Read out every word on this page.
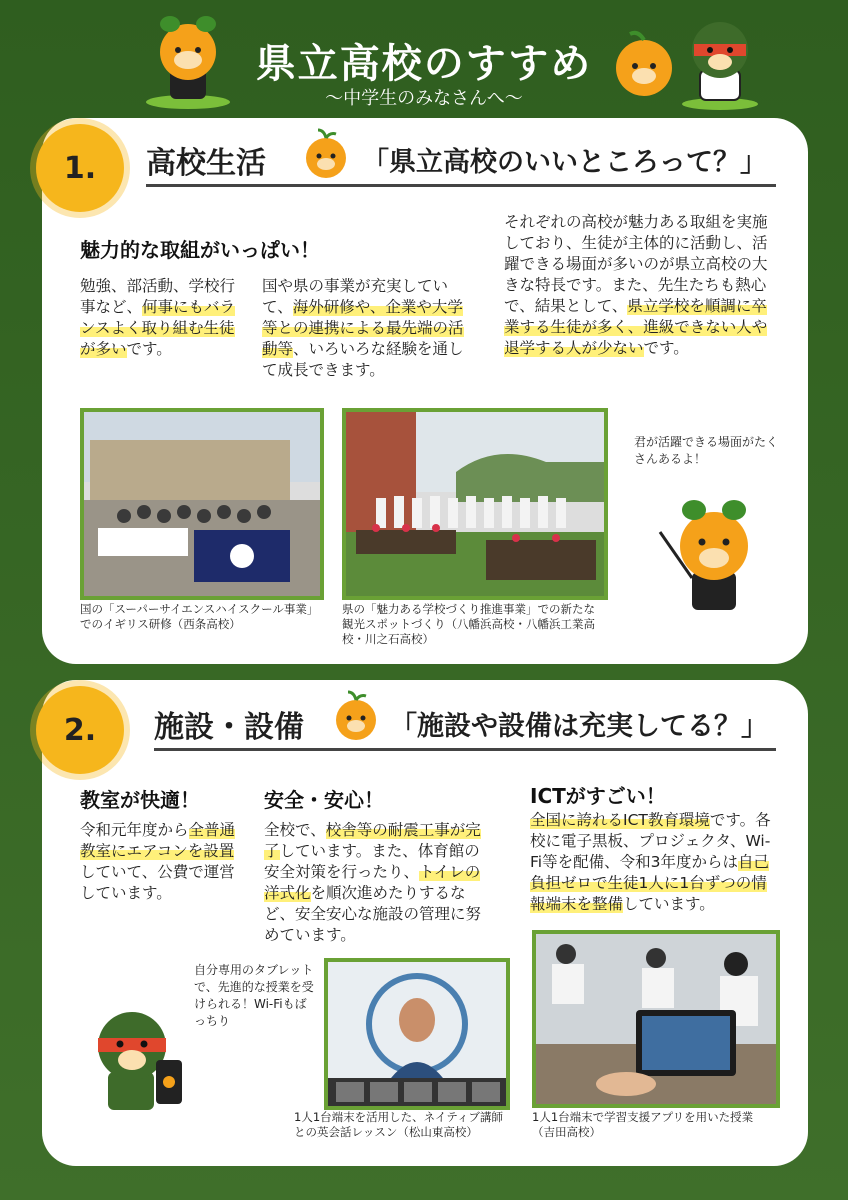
県立高校のすすめ
～中学生のみなさんへ～
1.	高校生活	「県立高校のいいところって？」
魅力的な取組がいっぱい！
勉強、部活動、学校行事など、何事にもバランスよく取り組む生徒が多いです。
国や県の事業が充実していて、海外研修や、企業や大学等との連携による最先端の活動等、いろいろな経験を通して成長できます。
それぞれの高校が魅力ある取組を実施しており、生徒が主体的に活動し、活躍できる場面が多いのが県立高校の大きな特長です。また、先生たちも熱心で、結果として、県立学校を順調に卒業する生徒が多く、進級できない人や退学する人が少ないです。
国の「スーパーサイエンスハイスクール事業」でのイギリス研修（西条高校）
県の「魅力ある学校づくり推進事業」での新たな観光スポットづくり（八幡浜高校・八幡浜工業高校・川之石高校）
君が活躍できる場面がたくさんあるよ！
2.	施設・設備	「施設や設備は充実してる？」
教室が快適！	安全・安心！	ICTがすごい！
令和元年度から全普通教室にエアコンを設置していて、公費で運営しています。
全校で、校舎等の耐震工事が完了しています。また、体育館の安全対策を行ったり、トイレの洋式化を順次進めたりするなど、安全安心な施設の管理に努めています。
全国に誇れるICT教育環境です。各校に電子黒板、プロジェクタ、Wi-Fi等を配備、令和3年度からは自己負担ゼロで生徒1人に1台ずつの情報端末を整備しています。
自分専用のタブレットで、先進的な授業を受けられる！Wi-Fiもばっちり
1人1台端末を活用した、ネイティブ講師との英会話レッスン（松山東高校）
1人1台端末で学習支援アプリを用いた授業（吉田高校）
